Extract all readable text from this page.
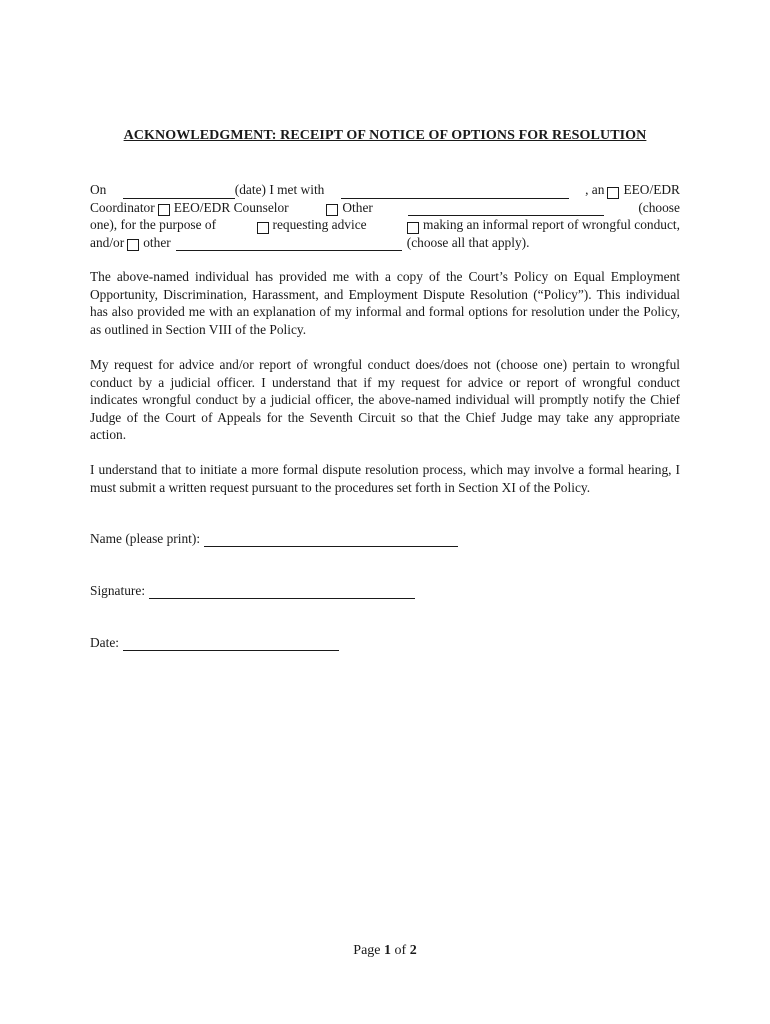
ACKNOWLEDGMENT: RECEIPT OF NOTICE OF OPTIONS FOR RESOLUTION
On	(date) I met with	, an EEO/EDR
Coordinator EEO/EDR Counselor	Other	(choose
one), for the purpose of	requesting advice	making an informal report of wrongful conduct,
and/or other	(choose all that apply).

The above-named individual has provided me with a copy of the Court’s Policy on Equal Employment Opportunity, Discrimination, Harassment, and Employment Dispute Resolution (“Policy”). This individual has also provided me with an explanation of my informal and formal options for resolution under the Policy, as outlined in Section VIII of the Policy.

My request for advice and/or report of wrongful conduct does/does not (choose one) pertain to wrongful conduct by a judicial officer. I understand that if my request for advice or report of wrongful conduct indicates wrongful conduct by a judicial officer, the above-named individual will promptly notify the Chief Judge of the Court of Appeals for the Seventh Circuit so that the Chief Judge may take any appropriate action.

I understand that to initiate a more formal dispute resolution process, which may involve a formal hearing, I must submit a written request pursuant to the procedures set forth in Section XI of the Policy.

Name (please print):
Signature:
Date:
Page 1 of 2
